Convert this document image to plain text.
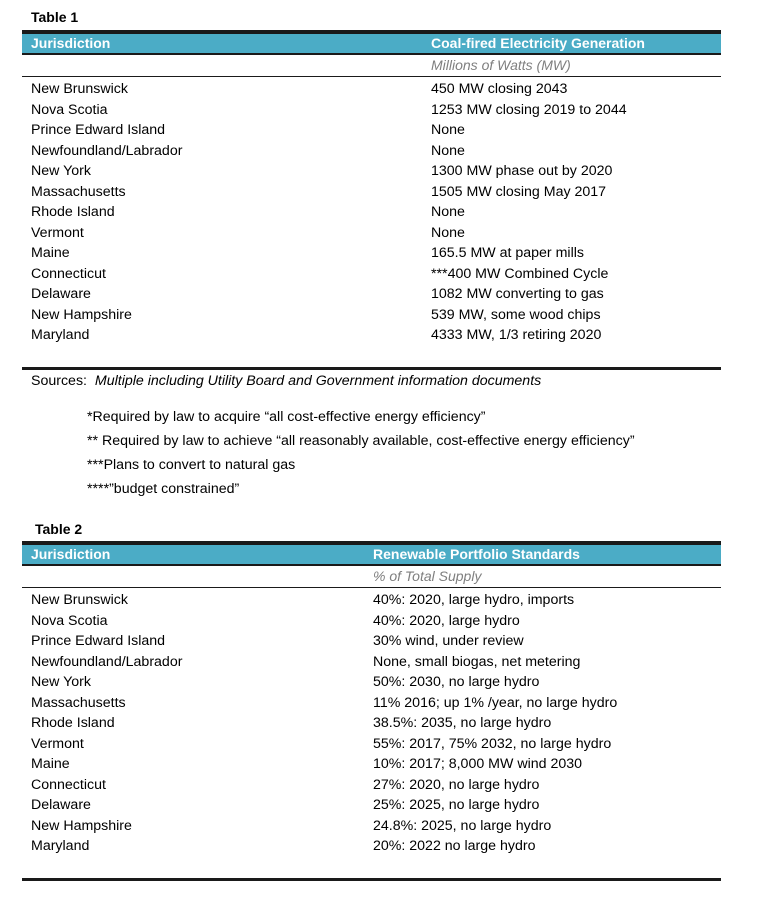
Table 1
Jurisdiction	Coal-fired Electricity Generation
Millions of Watts (MW)
New Brunswick	450 MW closing 2043
Nova Scotia	1253 MW closing 2019 to 2044
Prince Edward Island	None
Newfoundland/Labrador	None
New York	1300 MW phase out by 2020
Massachusetts	1505 MW closing May 2017
Rhode Island	None
Vermont	None
Maine	165.5 MW at paper mills
Connecticut	***400 MW Combined Cycle
Delaware	1082 MW converting to gas
New Hampshire	539 MW, some wood chips
Maryland	4333 MW, 1/3 retiring 2020
Sources: Multiple including Utility Board and Government information documents
*Required by law to acquire “all cost-effective energy efficiency”
** Required by law to achieve “all reasonably available, cost-effective energy efficiency”
***Plans to convert to natural gas
****”budget constrained”
Table 2
Jurisdiction	Renewable Portfolio Standards
% of Total Supply
New Brunswick	40%: 2020, large hydro, imports
Nova Scotia	40%: 2020, large hydro
Prince Edward Island	30% wind, under review
Newfoundland/Labrador	None, small biogas, net metering
New York	50%: 2030, no large hydro
Massachusetts	11% 2016; up 1% /year, no large hydro
Rhode Island	38.5%: 2035, no large hydro
Vermont	55%: 2017, 75% 2032, no large hydro
Maine	10%: 2017; 8,000 MW wind 2030
Connecticut	27%: 2020, no large hydro
Delaware	25%: 2025, no large hydro
New Hampshire	24.8%: 2025, no large hydro
Maryland	20%: 2022 no large hydro
